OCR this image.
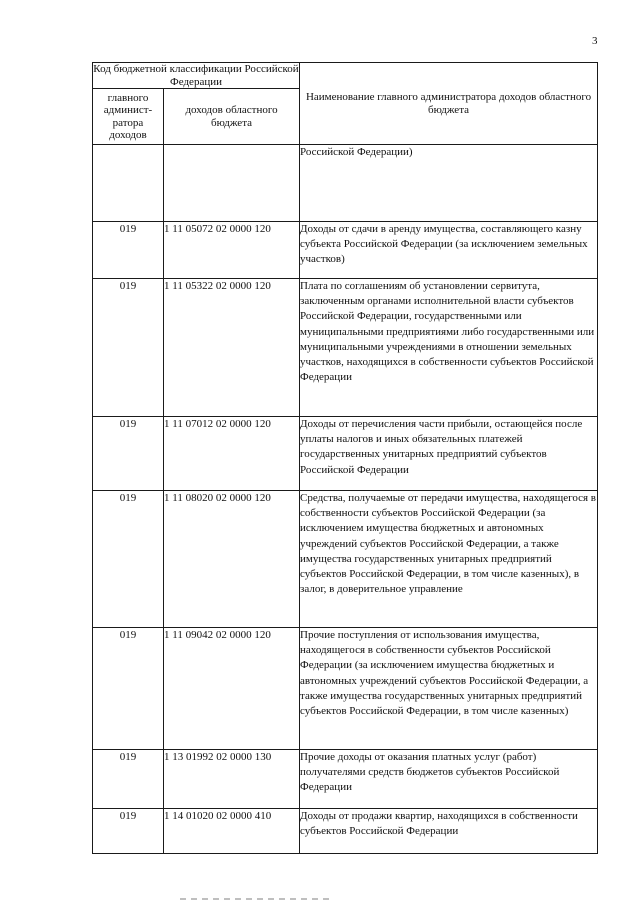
3
Код бюджетной классификации Российской Федерации		Наименование главного администратора доходов областного бюджета
главного админист-ратора доходов	доходов областного бюджета	
		Российской Федерации)
019	1 11 05072 02 0000 120	Доходы от сдачи в аренду имущества, составляющего казну субъекта Российской Федерации (за исключением земельных участков)
019	1 11 05322 02 0000 120	Плата по соглашениям об установлении сервитута, заключенным органами исполнительной власти субъектов Российской Федерации, государственными или муниципальными предприятиями либо государственными или муниципальными учреждениями в отношении земельных участков, находящихся в собственности субъектов Российской Федерации
019	1 11 07012 02 0000 120	Доходы от перечисления части прибыли, остающейся после уплаты налогов и иных обязательных платежей государственных унитарных предприятий субъектов Российской Федерации
019	1 11 08020 02 0000 120	Средства, получаемые от передачи имущества, находящегося в собственности субъектов Российской Федерации (за исключением имущества бюджетных и автономных учреждений субъектов Российской Федерации, а также имущества государственных унитарных предприятий субъектов Российской Федерации, в том числе казенных), в залог, в доверительное управление
019	1 11 09042 02 0000 120	Прочие поступления от использования имущества, находящегося в собственности субъектов Российской Федерации (за исключением имущества бюджетных и автономных учреждений субъектов Российской Федерации, а также имущества государственных унитарных предприятий субъектов Российской Федерации, в том числе казенных)
019	1 13 01992 02 0000 130	Прочие доходы от оказания платных услуг (работ) получателями средств бюджетов субъектов Российской Федерации
019	1 14 01020 02 0000 410	Доходы от продажи квартир, находящихся в собственности субъектов Российской Федерации
